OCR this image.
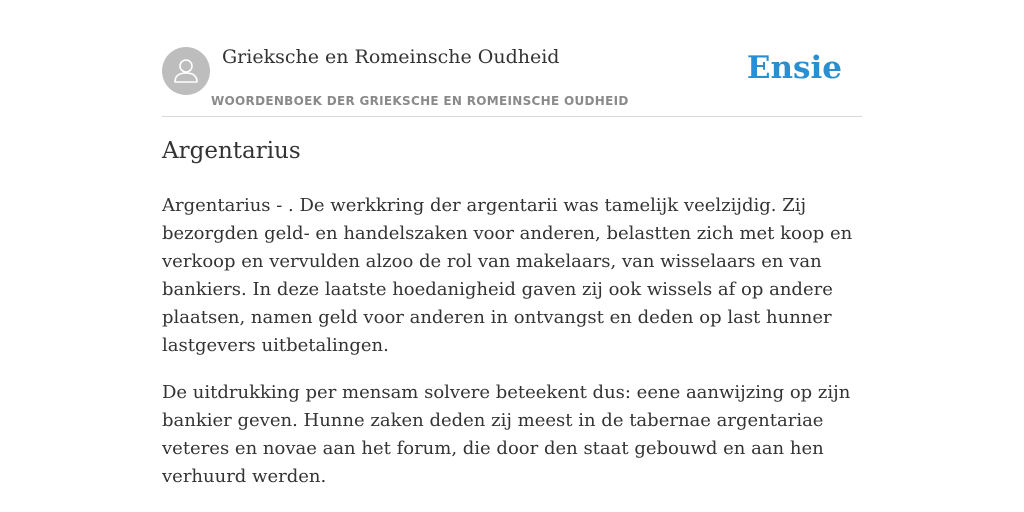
Grieksche en Romeinsche Oudheid
WOORDENBOEK DER GRIEKSCHE EN ROMEINSCHE OUDHEID
Ensie
Argentarius

Argentarius - . De werkkring der argentarii was tamelijk veelzijdig. Zij bezorgden geld- en handelszaken voor anderen, belastten zich met koop en verkoop en vervulden alzoo de rol van makelaars, van wisselaars en van bankiers. In deze laatste hoedanigheid gaven zij ook wissels af op andere plaatsen, namen geld voor anderen in ontvangst en deden op last hunner lastgevers uitbetalingen.

De uitdrukking per mensam solvere beteekent dus: eene aanwijzing op zijn bankier geven. Hunne zaken deden zij meest in de tabernae argentariae veteres en novae aan het forum, die door den staat gebouwd en aan hen verhuurd werden.
